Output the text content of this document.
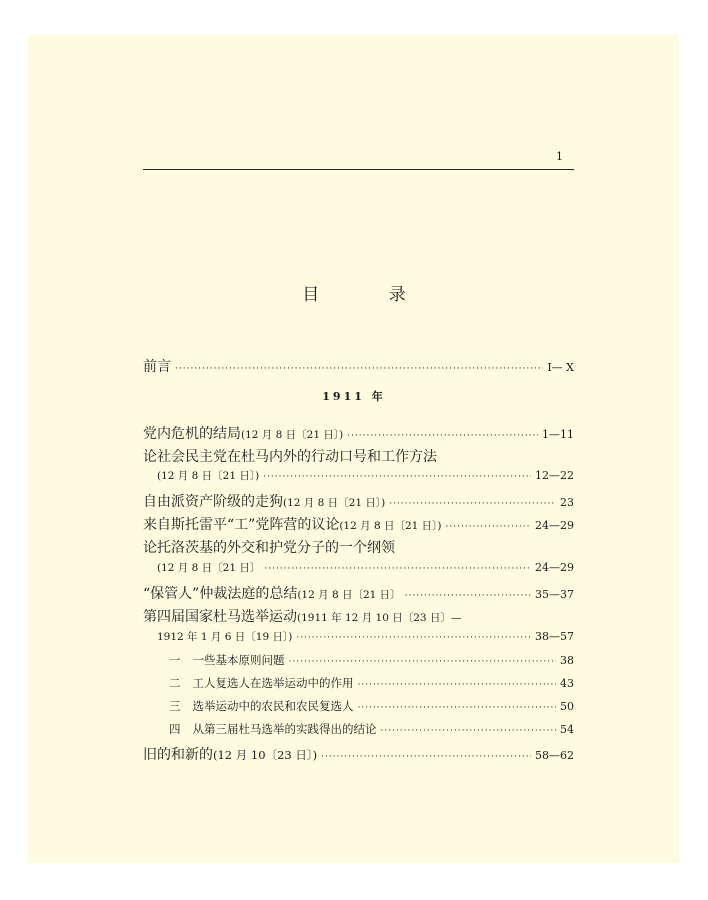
1
目 录
前言 ·····	I— X
1911 年
党内危机的结局 (12 月 8 日〔21 日〕) ·····	1—11
论社会民主党在杜马内外的行动口号和工作方法
(12 月 8 日〔21 日〕) ·····	12—22
自由派资产阶级的走狗 (12 月 8 日〔21 日〕) ·····	23
来自斯托雷平“工”党阵营的议论 (12 月 8 日〔21 日〕) ·····	24—29
论托洛茨基的外交和护党分子的一个纲领
(12 月 8 日〔21 日〕 ·····	24—29
“保管人”仲裁法庭的总结 (12 月 8 日〔21 日〕 ·····	35—37
第四届国家杜马选举运动 (1911 年 12 月 10 日〔23 日〕—
1912 年 1 月 6 日〔19 日〕) ·····	38—57
一 一些基本原则问题 ·····	38
二 工人复选人在选举运动中的作用 ·····	43
三 选举运动中的农民和农民复选人 ·····	50
四 从第三届杜马选举的实践得出的结论 ·····	54
旧的和新的 (12 月 10〔23 日〕) ·····	58—62
